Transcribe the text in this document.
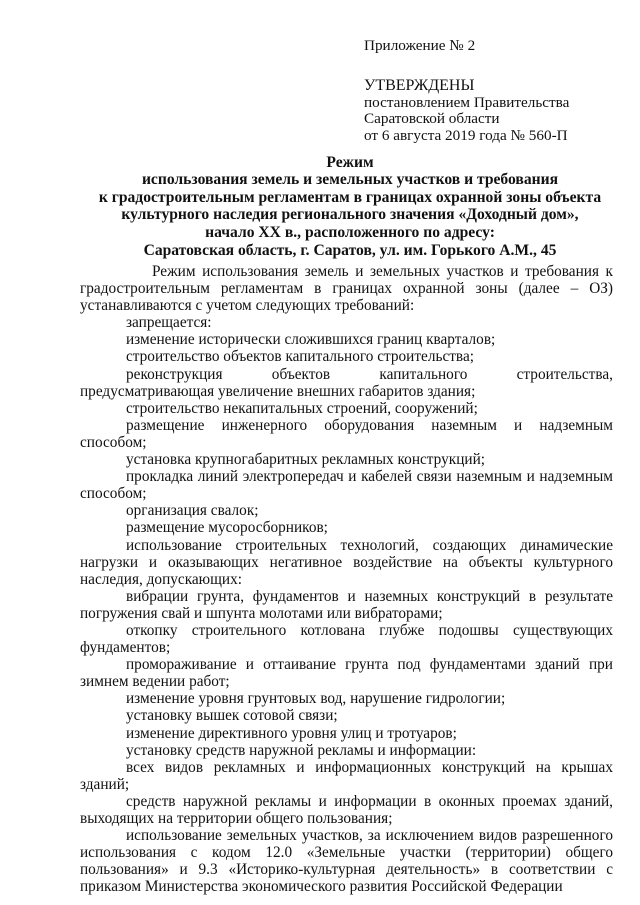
Приложение № 2
УТВЕРЖДЕНЫ
постановлением Правительства
Саратовской области
от 6 августа 2019 года № 560-П
Режим
использования земель и земельных участков и требования
к градостроительным регламентам в границах охранной зоны объекта
культурного наследия регионального значения «Доходный дом»,
начало XX в., расположенного по адресу:
Саратовская область, г. Саратов, ул. им. Горького А.М., 45

Режим использования земель и земельных участков и требования к градостроительным регламентам в границах охранной зоны (далее – ОЗ) устанавливаются с учетом следующих требований:

запрещается:

изменение исторически сложившихся границ кварталов;

строительство объектов капитального строительства;

реконструкция объектов капитального строительства, предусматривающая увеличение внешних габаритов здания;

строительство некапитальных строений, сооружений;

размещение инженерного оборудования наземным и надземным способом;

установка крупногабаритных рекламных конструкций;

прокладка линий электропередач и кабелей связи наземным и надземным способом;

организация свалок;

размещение мусоросборников;

использование строительных технологий, создающих динамические нагрузки и оказывающих негативное воздействие на объекты культурного наследия, допускающих:

вибрации грунта, фундаментов и наземных конструкций в результате погружения свай и шпунта молотами или вибраторами;

откопку строительного котлована глубже подошвы существующих фундаментов;

промораживание и оттаивание грунта под фундаментами зданий при зимнем ведении работ;

изменение уровня грунтовых вод, нарушение гидрологии;

установку вышек сотовой связи;

изменение директивного уровня улиц и тротуаров;

установку средств наружной рекламы и информации:

всех видов рекламных и информационных конструкций на крышах зданий;

средств наружной рекламы и информации в оконных проемах зданий, выходящих на территории общего пользования;

использование земельных участков, за исключением видов разрешенного использования с кодом 12.0 «Земельные участки (территории) общего пользования» и 9.3 «Историко-культурная деятельность» в соответствии с приказом Министерства экономического развития Российской Федерации
